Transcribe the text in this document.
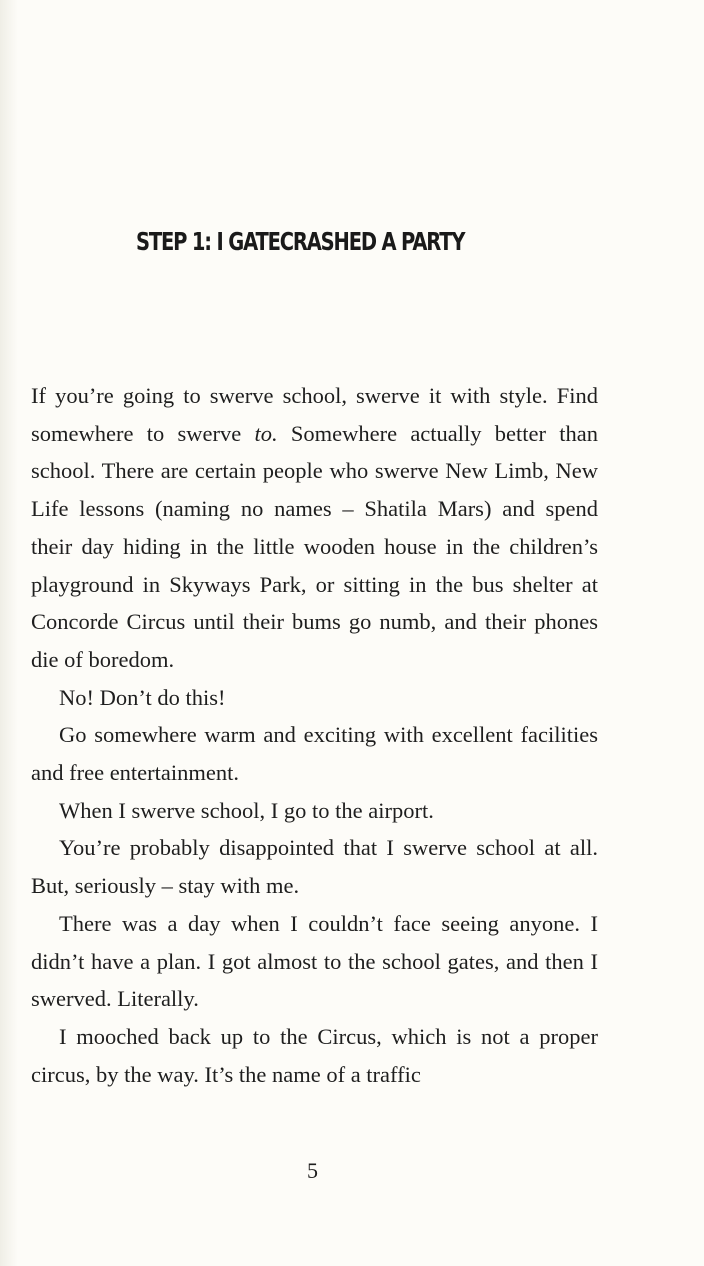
STEP 1: I GATECRASHED A PARTY

If you’re going to swerve school, swerve it with style. Find somewhere to swerve to. Somewhere actually better than school. There are certain people who swerve New Limb, New Life lessons (naming no names – Shatila Mars) and spend their day hiding in the little wooden house in the children’s playground in Skyways Park, or sitting in the bus shelter at Concorde Circus until their bums go numb, and their phones die of boredom.

No! Don’t do this!

Go somewhere warm and exciting with excellent facilities and free entertainment.

When I swerve school, I go to the airport.

You’re probably disappointed that I swerve school at all. But, seriously – stay with me.

There was a day when I couldn’t face seeing anyone. I didn’t have a plan. I got almost to the school gates, and then I swerved. Literally.

I mooched back up to the Circus, which is not a proper circus, by the way. It’s the name of a traffic

5
